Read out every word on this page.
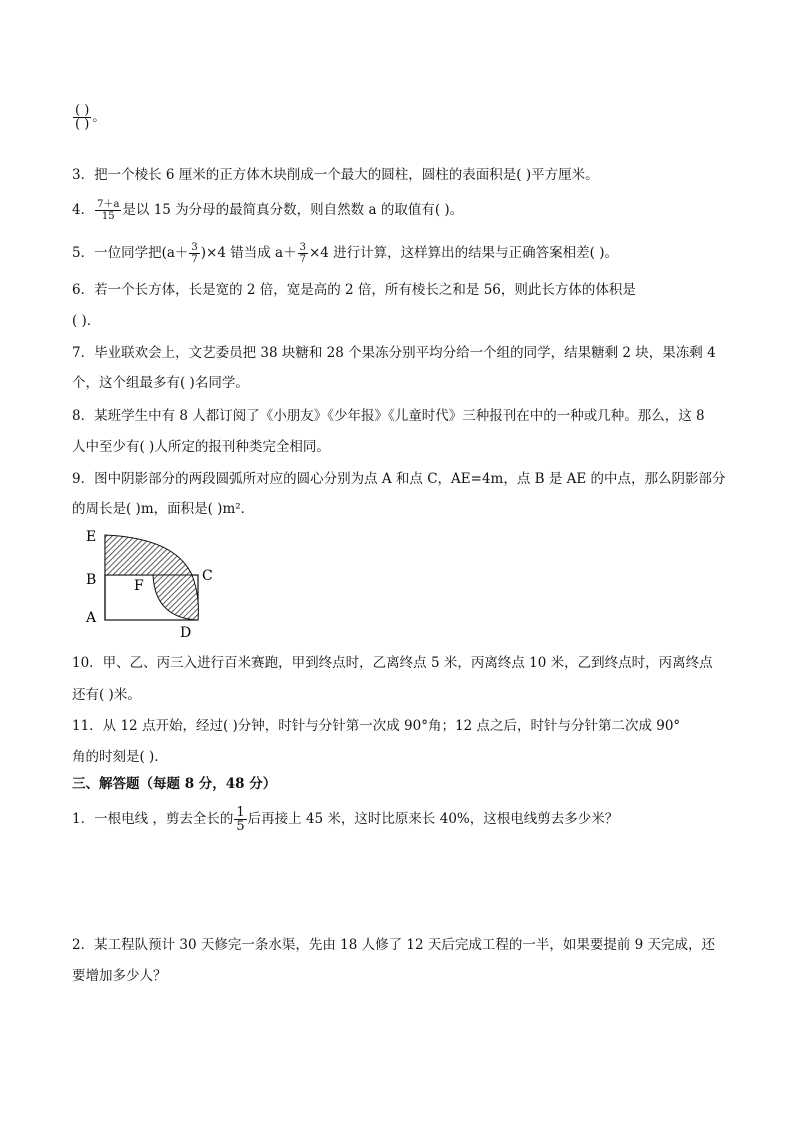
$\frac{( )}{( )}$ 。
3．把一个棱长 6 厘米的正方体木块削成一个最大的圆柱，圆柱的表面积是( )平方厘米。
4． $\frac{7+a}{15}$ 是以 15 为分母的最简真分数，则自然数 a 的取值有( )。
5．一位同学把$(a+ \frac{3}{7} )\times 4$ 错当成 $a+ \frac{3}{7} \times 4$ 进行计算，这样算出的结果与正确答案相差( )。
6．若一个长方体，长是宽的 2 倍，宽是高的 2 倍，所有棱长之和是 56，则此长方体的体积是
( )．
7．毕业联欢会上，文艺委员把 38 块糖和 28 个果冻分别平均分给一个组的同学，结果糖剩 2 块，果冻剩 4
个，这个组最多有( )名同学。
8．某班学生中有 8 人都订阅了《小朋友》《少年报》《儿童时代》三种报刊在中的一种或几种。那么，这 8
人中至少有( )人所定的报刊种类完全相同。
9．图中阴影部分的两段圆弧所对应的圆心分别为点 A 和点 C，AE=4m，点 B 是 AE 的中点，那么阴影部分
的周长是( )m，面积是( )m²．
E
B
A
C
D
F
10．甲、乙、丙三入进行百米赛跑，甲到终点时，乙离终点 5 米，丙离终点 10 米，乙到终点时，丙离终点
还有( )米。
11．从 12 点开始，经过( )分钟，时针与分针第一次成 90°角；12 点之后，时针与分针第二次成 90°
角的时刻是( )．
三、解答题（每题 8 分，48 分）
1．一根电线 ，剪去全长的 $\frac{1}{5}$ 后再接上 45 米，这时比原来长 40%，这根电线剪去多少米？
2．某工程队预计 30 天修完一条水渠，先由 18 人修了 12 天后完成工程的一半，如果要提前 9 天完成，还
要增加多少人？
